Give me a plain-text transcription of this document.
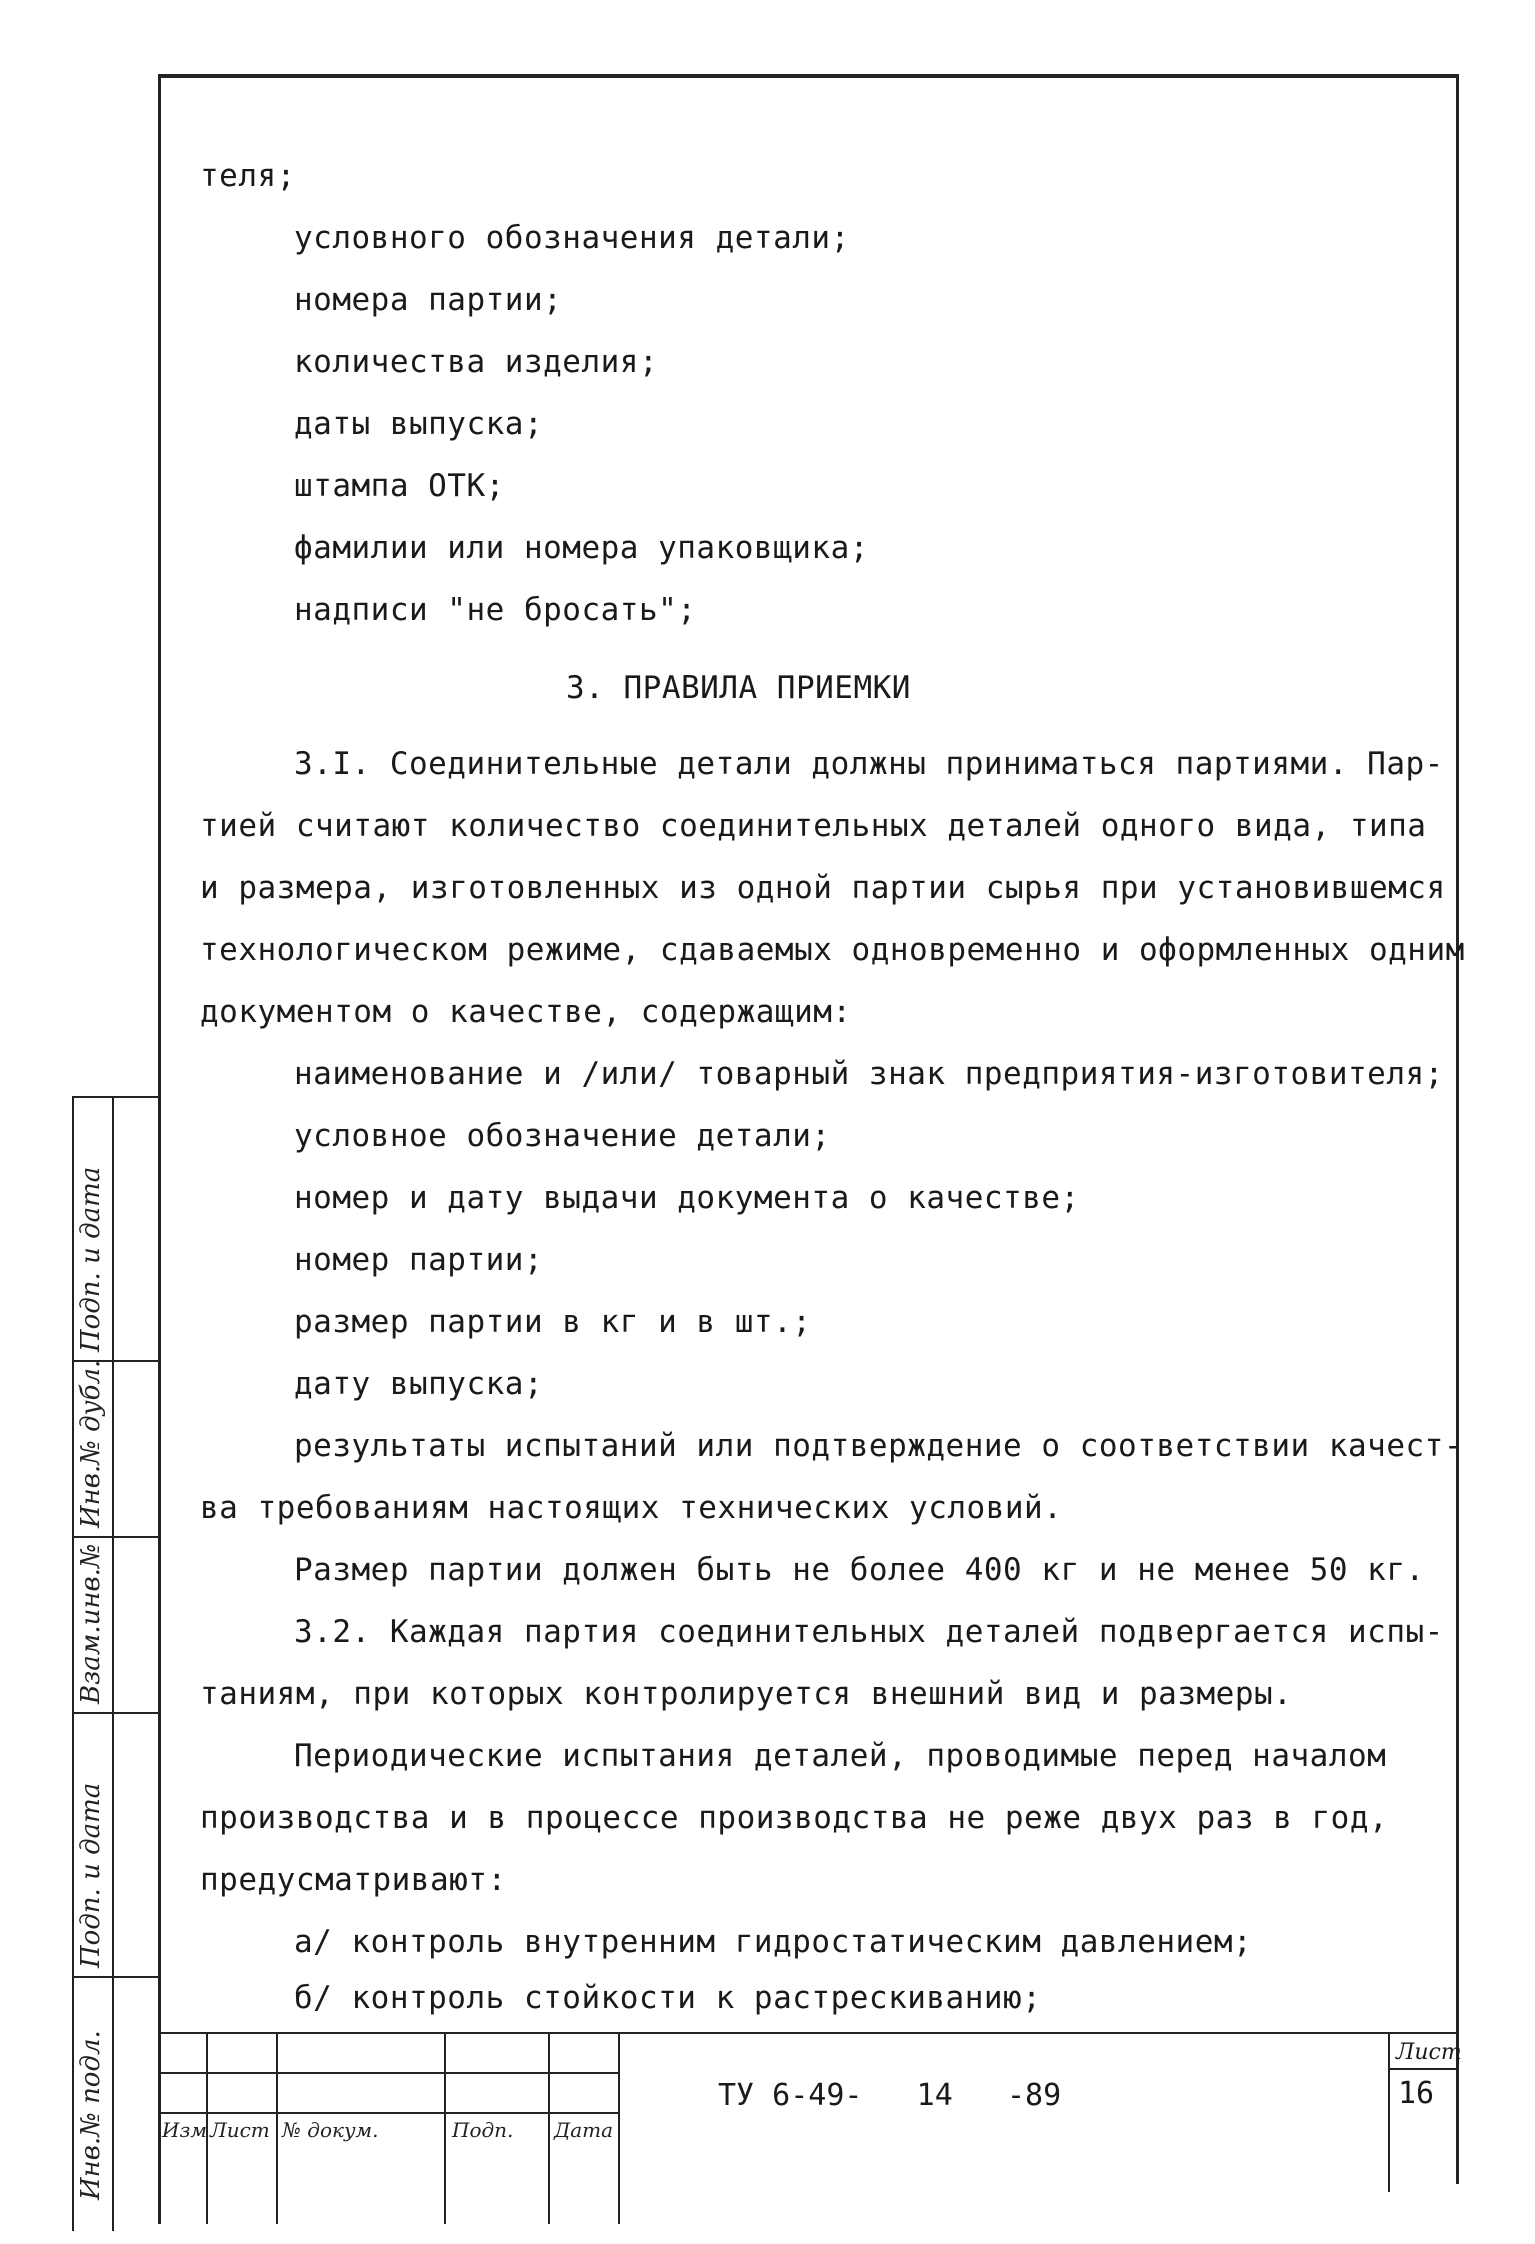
теля;
условного обозначения детали;
номера партии;
количества изделия;
даты выпуска;
штампа ОТК;
фамилии или номера упаковщика;
надписи "не бросать";
3. ПРАВИЛА ПРИЕМКИ
3.I. Соединительные детали должны приниматься партиями. Пар-
тией считают количество соединительных деталей одного вида, типа
и размера, изготовленных из одной партии сырья при установившемся
технологическом режиме, сдаваемых одновременно и оформленных одним
документом о качестве, содержащим:
наименование и /или/ товарный знак предприятия-изготовителя;
условное обозначение детали;
номер и дату выдачи документа о качестве;
номер партии;
размер партии в кг и в шт.;
дату выпуска;
результаты испытаний или подтверждение о соответствии качест-
ва требованиям настоящих технических условий.
Размер партии должен быть не более 400 кг и не менее 50 кг.
3.2. Каждая партия соединительных деталей подвергается испы-
таниям, при которых контролируется внешний вид и размеры.
Периодические испытания деталей, проводимые перед началом
производства и в процессе производства не реже двух раз в год,
предусматривают:
а/ контроль внутренним гидростатическим давлением;
б/ контроль стойкости к растрескиванию;
Подп. и дата
Инв.№ дубл.
Взам.инв.№
Подп. и дата
Инв.№ подл.	Изм Лист № докум.	Подп. Дата
ТУ 6-49-   14   -89
Лист
16
